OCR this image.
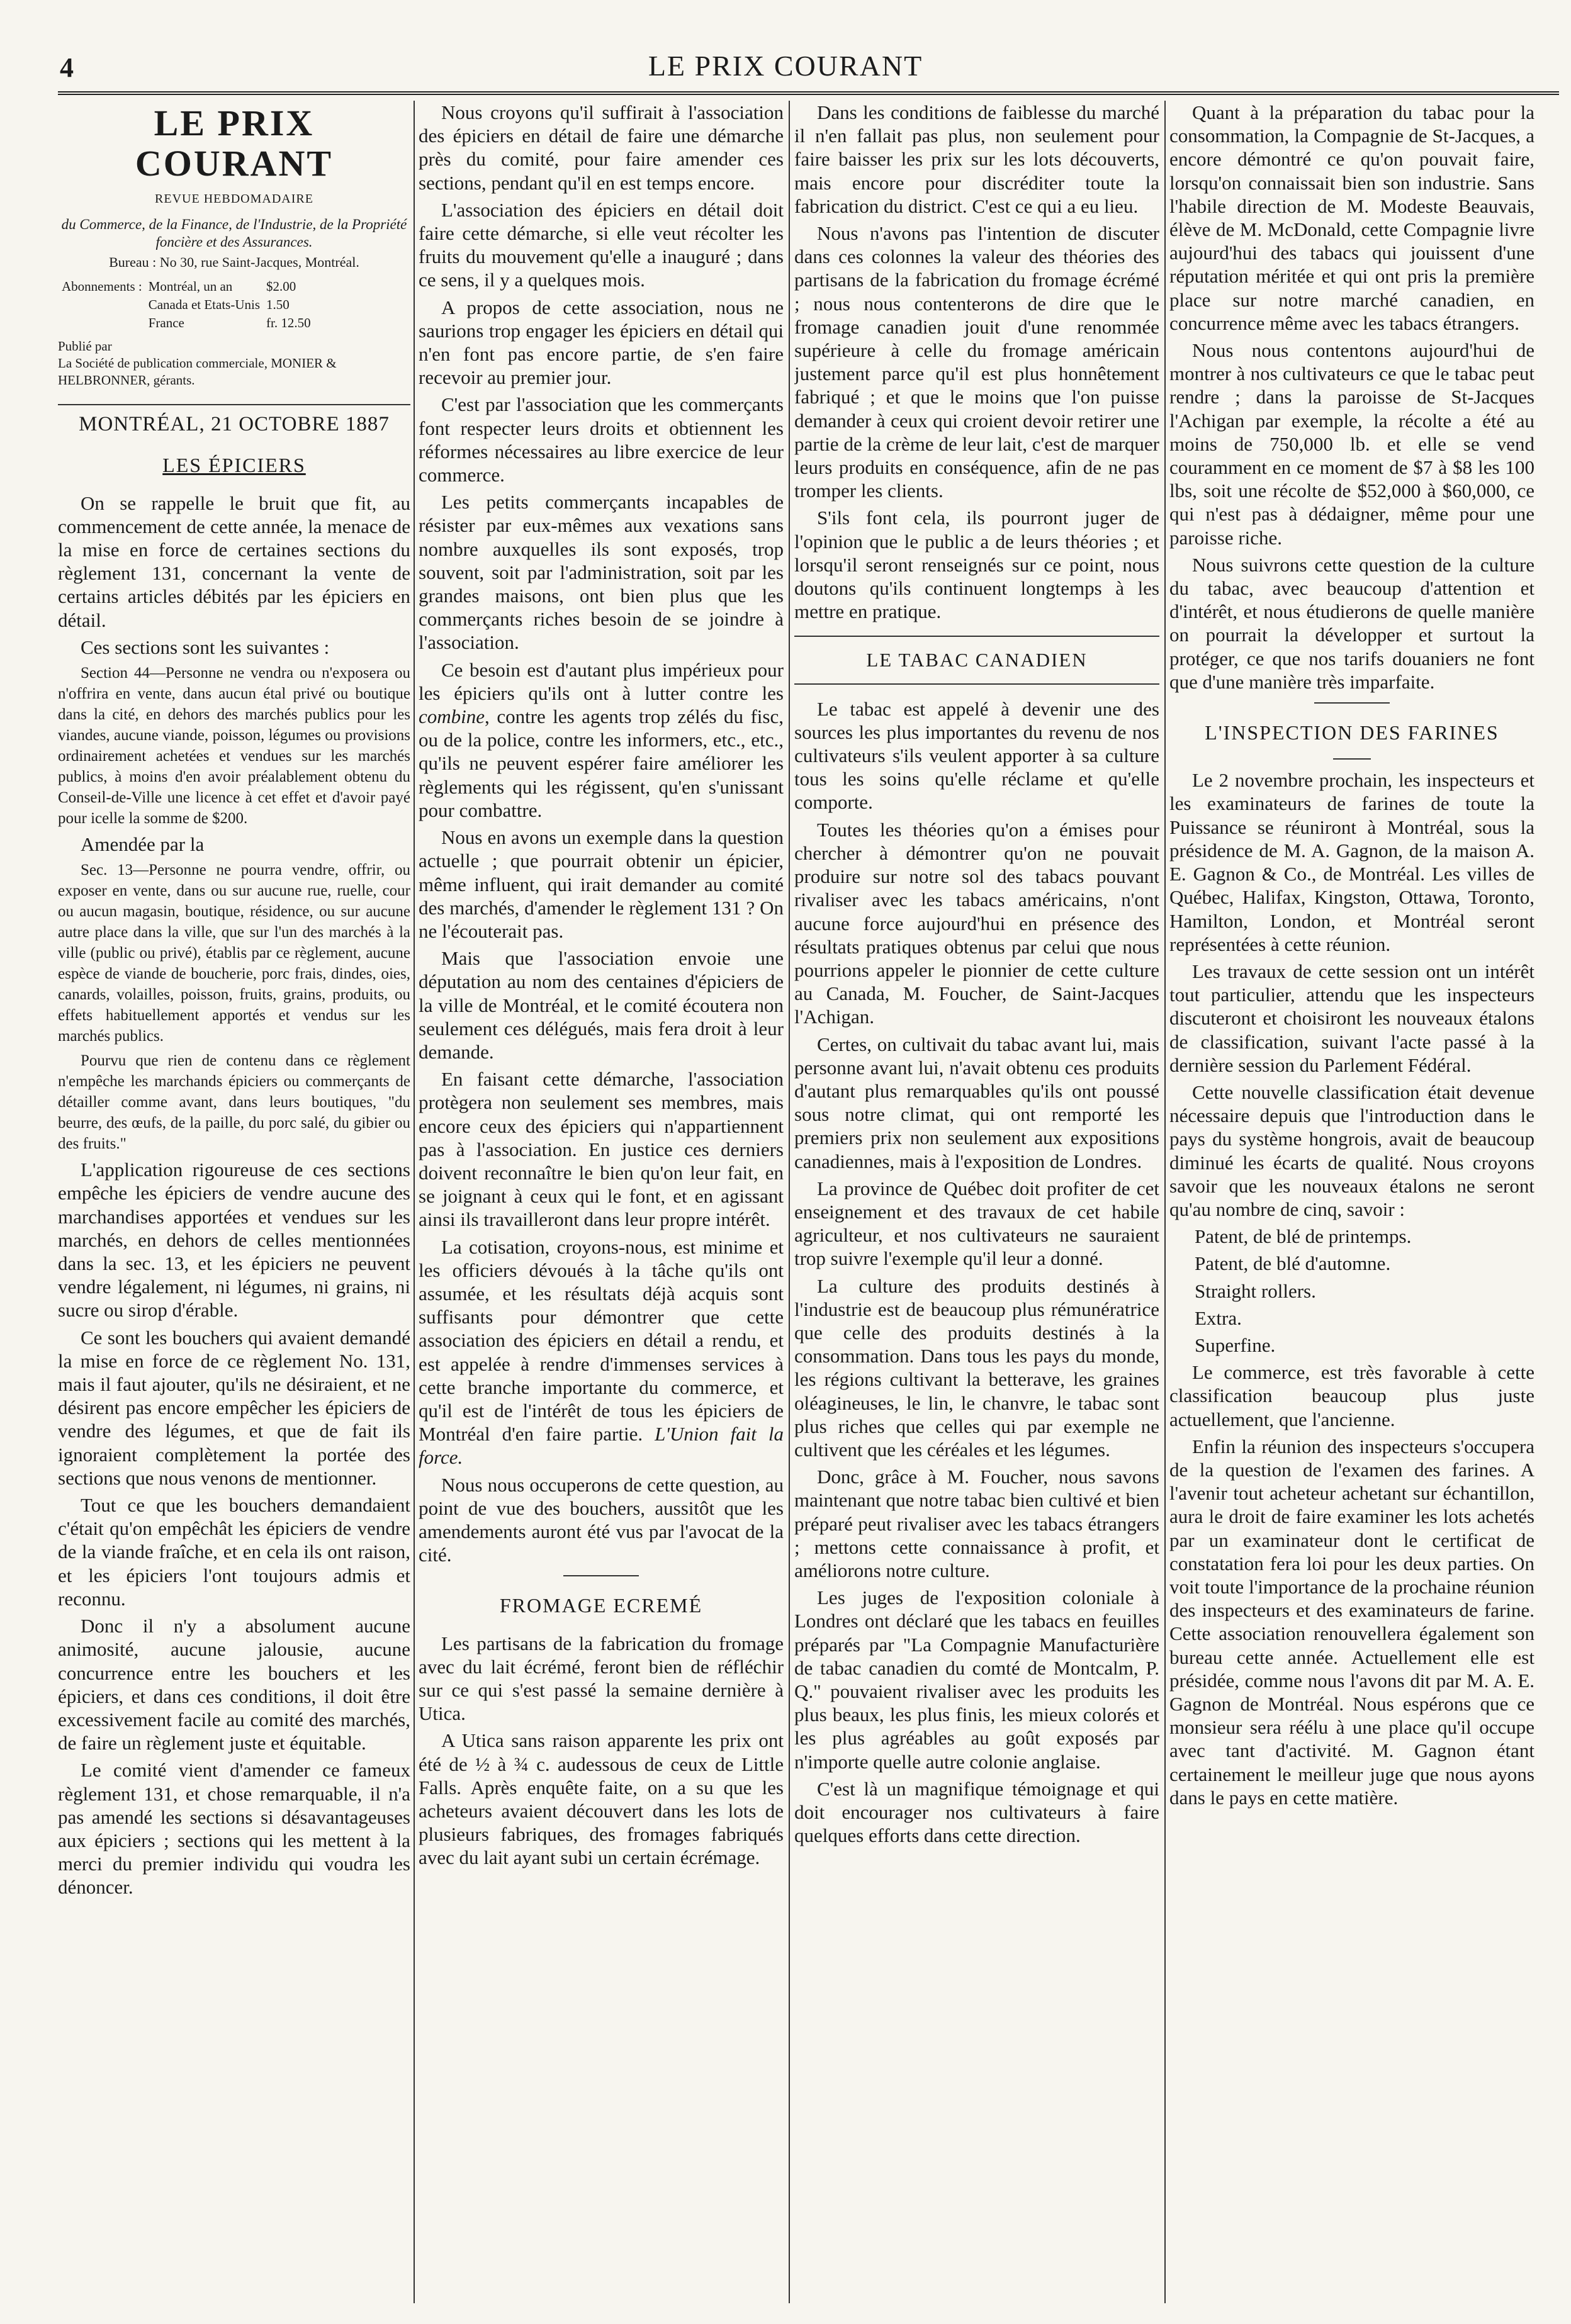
4	LE PRIX COURANT
LE PRIX COURANT
REVUE HEBDOMADAIRE
du Commerce, de la Finance, de l'Industrie, de la Propriété foncière et des Assurances.
Bureau : No 30, rue Saint-Jacques, Montréal.
Abonnements :	Montréal, un an	$2.00
	Canada et Etats-Unis	1.50
	France	fr. 12.50
Publié par
La Société de publication commerciale, MONIER & HELBRONNER, gérants.
MONTRÉAL, 21 OCTOBRE 1887
LES ÉPICIERS

On se rappelle le bruit que fit, au commencement de cette année, la menace de la mise en force de certaines sections du règlement 131, concernant la vente de certains articles débités par les épiciers en détail.

Ces sections sont les suivantes :

Section 44—Personne ne vendra ou n'exposera ou n'offrira en vente, dans aucun étal privé ou boutique dans la cité, en dehors des marchés publics pour les viandes, aucune viande, poisson, légumes ou provisions ordinairement achetées et vendues sur les marchés publics, à moins d'en avoir préalablement obtenu du Conseil-de-Ville une licence à cet effet et d'avoir payé pour icelle la somme de $200.

Amendée par la

Sec. 13—Personne ne pourra vendre, offrir, ou exposer en vente, dans ou sur aucune rue, ruelle, cour ou aucun magasin, boutique, résidence, ou sur aucune autre place dans la ville, que sur l'un des marchés à la ville (public ou privé), établis par ce règlement, aucune espèce de viande de boucherie, porc frais, dindes, oies, canards, volailles, poisson, fruits, grains, produits, ou effets habituellement apportés et vendus sur les marchés publics.

Pourvu que rien de contenu dans ce règlement n'empêche les marchands épiciers ou commerçants de détailler comme avant, dans leurs boutiques, "du beurre, des œufs, de la paille, du porc salé, du gibier ou des fruits."

L'application rigoureuse de ces sections empêche les épiciers de vendre aucune des marchandises apportées et vendues sur les marchés, en dehors de celles mentionnées dans la sec. 13, et les épiciers ne peuvent vendre légalement, ni légumes, ni grains, ni sucre ou sirop d'érable.

Ce sont les bouchers qui avaient demandé la mise en force de ce règlement No. 131, mais il faut ajouter, qu'ils ne désiraient, et ne désirent pas encore empêcher les épiciers de vendre des légumes, et que de fait ils ignoraient complètement la portée des sections que nous venons de mentionner.

Tout ce que les bouchers demandaient c'était qu'on empêchât les épiciers de vendre de la viande fraîche, et en cela ils ont raison, et les épiciers l'ont toujours admis et reconnu.

Donc il n'y a absolument aucune animosité, aucune jalousie, aucune concurrence entre les bouchers et les épiciers, et dans ces conditions, il doit être excessivement facile au comité des marchés, de faire un règlement juste et équitable.

Le comité vient d'amender ce fameux règlement 131, et chose remarquable, il n'a pas amendé les sections si désavantageuses aux épiciers ; sections qui les mettent à la merci du premier individu qui voudra les dénoncer.

Nous croyons qu'il suffirait à l'association des épiciers en détail de faire une démarche près du comité, pour faire amender ces sections, pendant qu'il en est temps encore.

L'association des épiciers en détail doit faire cette démarche, si elle veut récolter les fruits du mouvement qu'elle a inauguré ; dans ce sens, il y a quelques mois.

A propos de cette association, nous ne saurions trop engager les épiciers en détail qui n'en font pas encore partie, de s'en faire recevoir au premier jour.

C'est par l'association que les commerçants font respecter leurs droits et obtiennent les réformes nécessaires au libre exercice de leur commerce.

Les petits commerçants incapables de résister par eux-mêmes aux vexations sans nombre auxquelles ils sont exposés, trop souvent, soit par l'administration, soit par les grandes maisons, ont bien plus que les commerçants riches besoin de se joindre à l'association.

Ce besoin est d'autant plus impérieux pour les épiciers qu'ils ont à lutter contre les combine, contre les agents trop zélés du fisc, ou de la police, contre les informers, etc., etc., qu'ils ne peuvent espérer faire améliorer les règlements qui les régissent, qu'en s'unissant pour combattre.

Nous en avons un exemple dans la question actuelle ; que pourrait obtenir un épicier, même influent, qui irait demander au comité des marchés, d'amender le règlement 131 ? On ne l'écouterait pas.

Mais que l'association envoie une députation au nom des centaines d'épiciers de la ville de Montréal, et le comité écoutera non seulement ces délégués, mais fera droit à leur demande.

En faisant cette démarche, l'association protègera non seulement ses membres, mais encore ceux des épiciers qui n'appartiennent pas à l'association. En justice ces derniers doivent reconnaître le bien qu'on leur fait, en se joignant à ceux qui le font, et en agissant ainsi ils travailleront dans leur propre intérêt.

La cotisation, croyons-nous, est minime et les officiers dévoués à la tâche qu'ils ont assumée, et les résultats déjà acquis sont suffisants pour démontrer que cette association des épiciers en détail a rendu, et est appelée à rendre d'immenses services à cette branche importante du commerce, et qu'il est de l'intérêt de tous les épiciers de Montréal d'en faire partie. L'Union fait la force.

Nous nous occuperons de cette question, au point de vue des bouchers, aussitôt que les amendements auront été vus par l'avocat de la cité.

FROMAGE ECREMÉ

Les partisans de la fabrication du fromage avec du lait écrémé, feront bien de réfléchir sur ce qui s'est passé la semaine dernière à Utica.

A Utica sans raison apparente les prix ont été de ½ à ¾ c. audessous de ceux de Little Falls. Après enquête faite, on a su que les acheteurs avaient découvert dans les lots de plusieurs fabriques, des fromages fabriqués avec du lait ayant subi un certain écrémage.

Dans les conditions de faiblesse du marché il n'en fallait pas plus, non seulement pour faire baisser les prix sur les lots découverts, mais encore pour discréditer toute la fabrication du district. C'est ce qui a eu lieu.

Nous n'avons pas l'intention de discuter dans ces colonnes la valeur des théories des partisans de la fabrication du fromage écrémé ; nous nous contenterons de dire que le fromage canadien jouit d'une renommée supérieure à celle du fromage américain justement parce qu'il est plus honnêtement fabriqué ; et que le moins que l'on puisse demander à ceux qui croient devoir retirer une partie de la crème de leur lait, c'est de marquer leurs produits en conséquence, afin de ne pas tromper les clients.

S'ils font cela, ils pourront juger de l'opinion que le public a de leurs théories ; et lorsqu'il seront renseignés sur ce point, nous doutons qu'ils continuent longtemps à les mettre en pratique.

LE TABAC CANADIEN

Le tabac est appelé à devenir une des sources les plus importantes du revenu de nos cultivateurs s'ils veulent apporter à sa culture tous les soins qu'elle réclame et qu'elle comporte.

Toutes les théories qu'on a émises pour chercher à démontrer qu'on ne pouvait produire sur notre sol des tabacs pouvant rivaliser avec les tabacs américains, n'ont aucune force aujourd'hui en présence des résultats pratiques obtenus par celui que nous pourrions appeler le pionnier de cette culture au Canada, M. Foucher, de Saint-Jacques l'Achigan.

Certes, on cultivait du tabac avant lui, mais personne avant lui, n'avait obtenu ces produits d'autant plus remarquables qu'ils ont poussé sous notre climat, qui ont remporté les premiers prix non seulement aux expositions canadiennes, mais à l'exposition de Londres.

La province de Québec doit profiter de cet enseignement et des travaux de cet habile agriculteur, et nos cultivateurs ne sauraient trop suivre l'exemple qu'il leur a donné.

La culture des produits destinés à l'industrie est de beaucoup plus rémunératrice que celle des produits destinés à la consommation. Dans tous les pays du monde, les régions cultivant la betterave, les graines oléagineuses, le lin, le chanvre, le tabac sont plus riches que celles qui par exemple ne cultivent que les céréales et les légumes.

Donc, grâce à M. Foucher, nous savons maintenant que notre tabac bien cultivé et bien préparé peut rivaliser avec les tabacs étrangers ; mettons cette connaissance à profit, et améliorons notre culture.

Les juges de l'exposition coloniale à Londres ont déclaré que les tabacs en feuilles préparés par "La Compagnie Manufacturière de tabac canadien du comté de Montcalm, P. Q." pouvaient rivaliser avec les produits les plus beaux, les plus finis, les mieux colorés et les plus agréables au goût exposés par n'importe quelle autre colonie anglaise.

C'est là un magnifique témoignage et qui doit encourager nos cultivateurs à faire quelques efforts dans cette direction.

Quant à la préparation du tabac pour la consommation, la Compagnie de St-Jacques, a encore démontré ce qu'on pouvait faire, lorsqu'on connaissait bien son industrie. Sans l'habile direction de M. Modeste Beauvais, élève de M. McDonald, cette Compagnie livre aujourd'hui des tabacs qui jouissent d'une réputation méritée et qui ont pris la première place sur notre marché canadien, en concurrence même avec les tabacs étrangers.

Nous nous contentons aujourd'hui de montrer à nos cultivateurs ce que le tabac peut rendre ; dans la paroisse de St-Jacques l'Achigan par exemple, la récolte a été au moins de 750,000 lb. et elle se vend couramment en ce moment de $7 à $8 les 100 lbs, soit une récolte de $52,000 à $60,000, ce qui n'est pas à dédaigner, même pour une paroisse riche.

Nous suivrons cette question de la culture du tabac, avec beaucoup d'attention et d'intérêt, et nous étudierons de quelle manière on pourrait la développer et surtout la protéger, ce que nos tarifs douaniers ne font que d'une manière très imparfaite.

L'INSPECTION DES FARINES

Le 2 novembre prochain, les inspecteurs et les examinateurs de farines de toute la Puissance se réuniront à Montréal, sous la présidence de M. A. Gagnon, de la maison A. E. Gagnon & Co., de Montréal. Les villes de Québec, Halifax, Kingston, Ottawa, Toronto, Hamilton, London, et Montréal seront représentées à cette réunion.

Les travaux de cette session ont un intérêt tout particulier, attendu que les inspecteurs discuteront et choisiront les nouveaux étalons de classification, suivant l'acte passé à la dernière session du Parlement Fédéral.

Cette nouvelle classification était devenue nécessaire depuis que l'introduction dans le pays du système hongrois, avait de beaucoup diminué les écarts de qualité. Nous croyons savoir que les nouveaux étalons ne seront qu'au nombre de cinq, savoir :

Patent, de blé de printemps.

Patent, de blé d'automne.

Straight rollers.

Extra.

Superfine.

Le commerce, est très favorable à cette classification beaucoup plus juste actuellement, que l'ancienne.

Enfin la réunion des inspecteurs s'occupera de la question de l'examen des farines. A l'avenir tout acheteur achetant sur échantillon, aura le droit de faire examiner les lots achetés par un examinateur dont le certificat de constatation fera loi pour les deux parties. On voit toute l'importance de la prochaine réunion des inspecteurs et des examinateurs de farine. Cette association renouvellera également son bureau cette année. Actuellement elle est présidée, comme nous l'avons dit par M. A. E. Gagnon de Montréal. Nous espérons que ce monsieur sera réélu à une place qu'il occupe avec tant d'activité. M. Gagnon étant certainement le meilleur juge que nous ayons dans le pays en cette matière.
